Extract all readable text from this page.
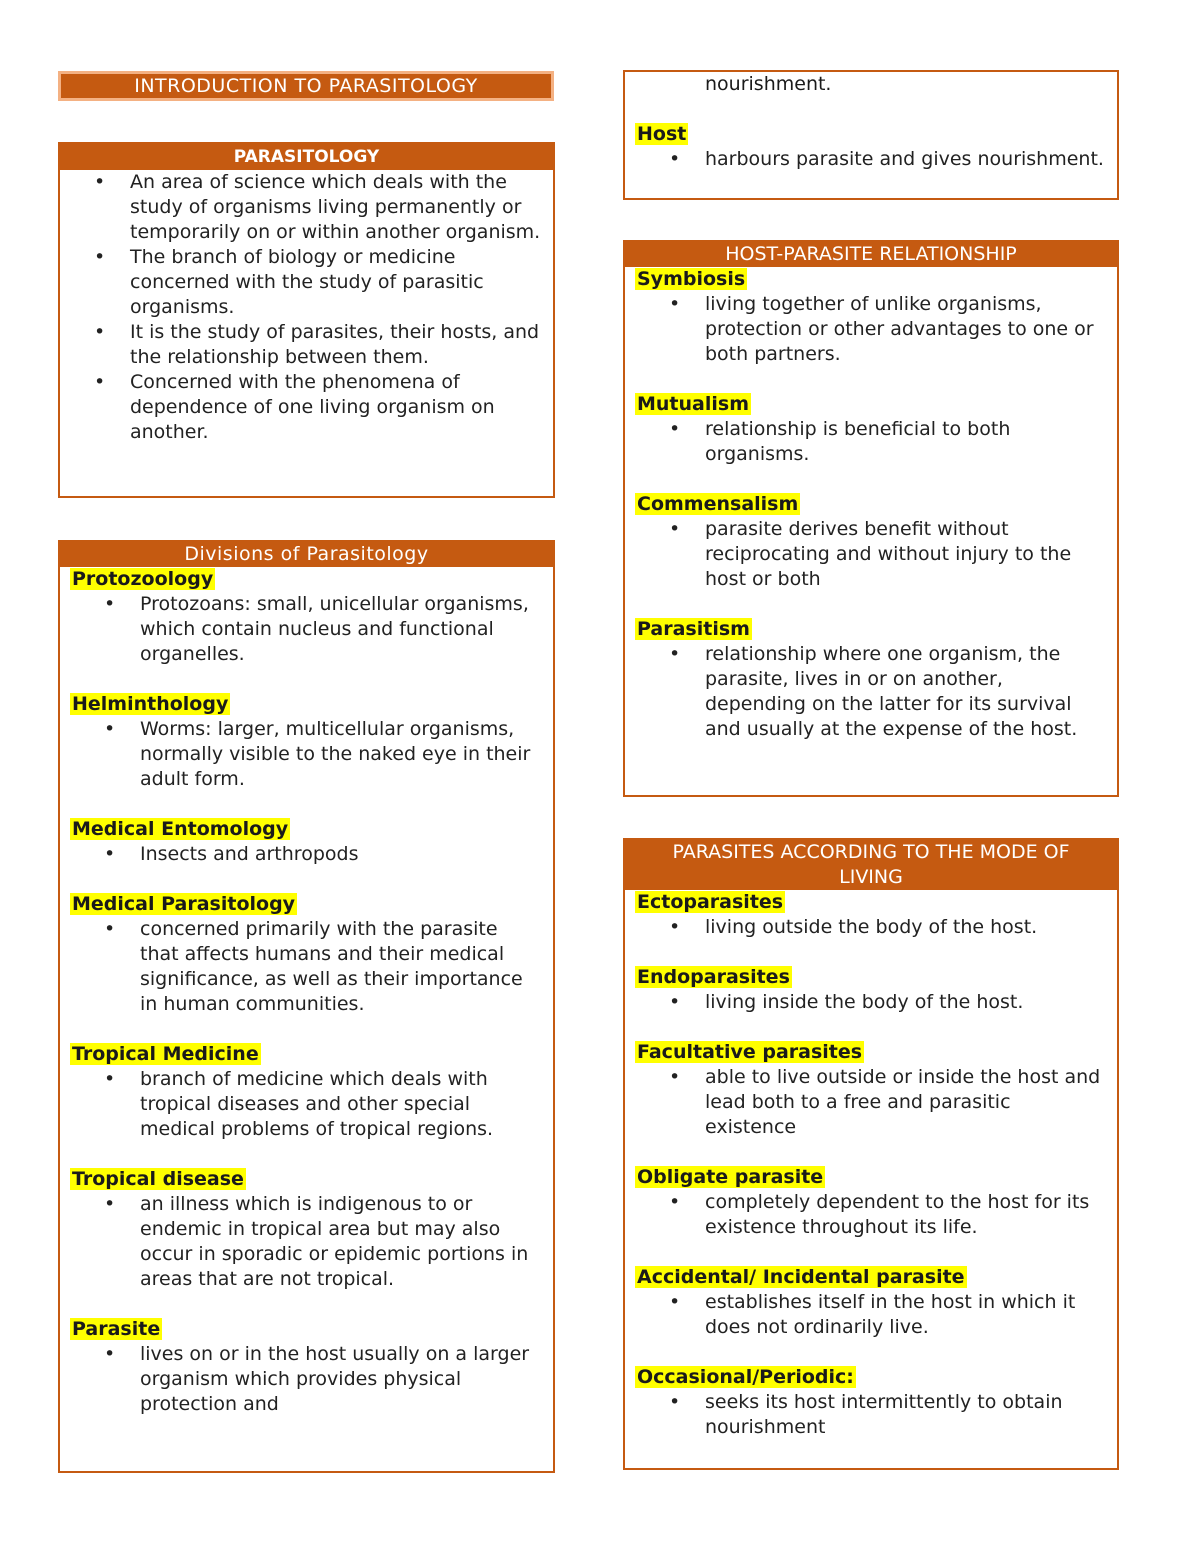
INTRODUCTION TO PARASITOLOGY
PARASITOLOGY
• An area of science which deals with the study of organisms living permanently or temporarily on or within another organism.
• The branch of biology or medicine concerned with the study of parasitic organisms.
• It is the study of parasites, their hosts, and the relationship between them.
• Concerned with the phenomena of dependence of one living organism on another.
Divisions of Parasitology
Protozoology
• Protozoans: small, unicellular organisms, which contain nucleus and functional organelles.
Helminthology
• Worms: larger, multicellular organisms, normally visible to the naked eye in their adult form.
Medical Entomology
• Insects and arthropods
Medical Parasitology
• concerned primarily with the parasite that affects humans and their medical significance, as well as their importance in human communities.
Tropical Medicine
• branch of medicine which deals with tropical diseases and other special medical problems of tropical regions.
Tropical disease
• an illness which is indigenous to or endemic in tropical area but may also occur in sporadic or epidemic portions in areas that are not tropical.
Parasite
• lives on or in the host usually on a larger organism which provides physical protection and
nourishment.
Host
• harbours parasite and gives nourishment.
HOST-PARASITE RELATIONSHIP
Symbiosis
• living together of unlike organisms, protection or other advantages to one or both partners.
Mutualism
• relationship is beneficial to both organisms.
Commensalism
• parasite derives benefit without reciprocating and without injury to the host or both
Parasitism
• relationship where one organism, the parasite, lives in or on another, depending on the latter for its survival and usually at the expense of the host.
PARASITES ACCORDING TO THE MODE OF LIVING
Ectoparasites
• living outside the body of the host.
Endoparasites
• living inside the body of the host.
Facultative parasites
• able to live outside or inside the host and lead both to a free and parasitic existence
Obligate parasite
• completely dependent to the host for its existence throughout its life.
Accidental/ Incidental parasite
• establishes itself in the host in which it does not ordinarily live.
Occasional/Periodic:
• seeks its host intermittently to obtain nourishment
